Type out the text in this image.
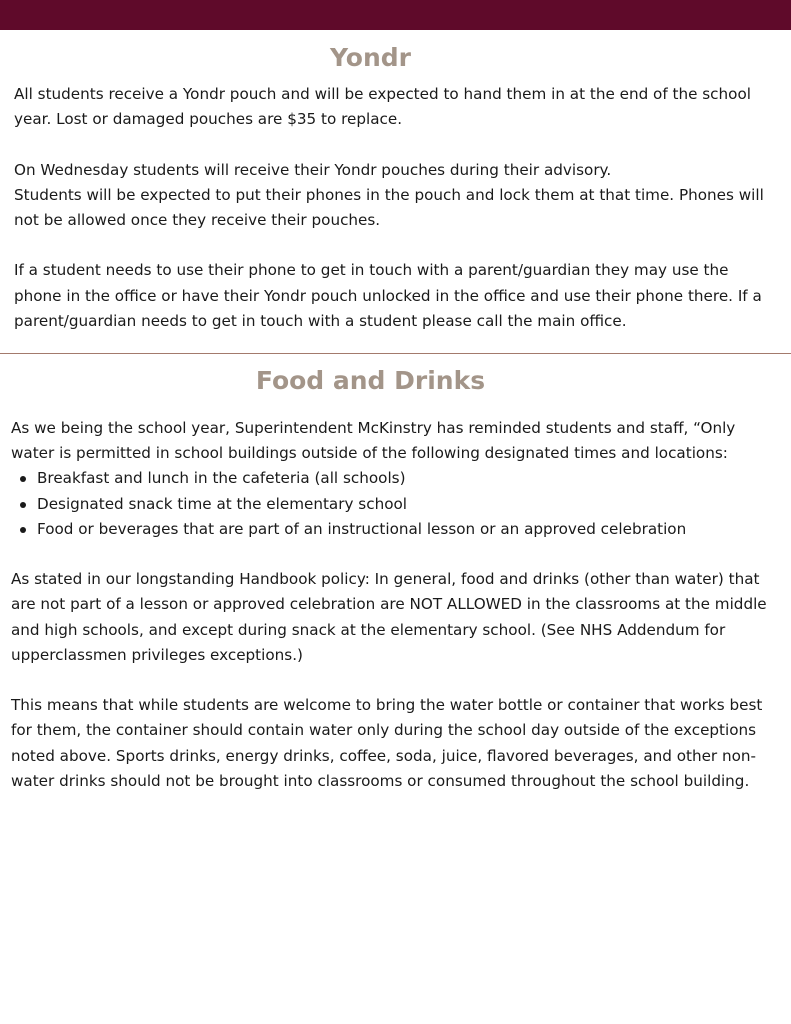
Yondr

All students receive a Yondr pouch and will be expected to hand them in at the end of the school year. Lost or damaged pouches are $35 to replace.

On Wednesday students will receive their Yondr pouches during their advisory.

Students will be expected to put their phones in the pouch and lock them at that time. Phones will not be allowed once they receive their pouches.

If a student needs to use their phone to get in touch with a parent/guardian they may use the phone in the office or have their Yondr pouch unlocked in the office and use their phone there. If a parent/guardian needs to get in touch with a student please call the main office.

Food and Drinks

As we being the school year, Superintendent McKinstry has reminded students and staff, “Only water is permitted in school buildings outside of the following designated times and locations:

Breakfast and lunch in the cafeteria (all schools)
Designated snack time at the elementary school
Food or beverages that are part of an instructional lesson or an approved celebration

As stated in our longstanding Handbook policy: In general, food and drinks (other than water) that are not part of a lesson or approved celebration are NOT ALLOWED in the classrooms at the middle and high schools, and except during snack at the elementary school. (See NHS Addendum for upperclassmen privileges exceptions.)

This means that while students are welcome to bring the water bottle or container that works best for them, the container should contain water only during the school day outside of the exceptions noted above. Sports drinks, energy drinks, coffee, soda, juice, flavored beverages, and other non-water drinks should not be brought into classrooms or consumed throughout the school building.
